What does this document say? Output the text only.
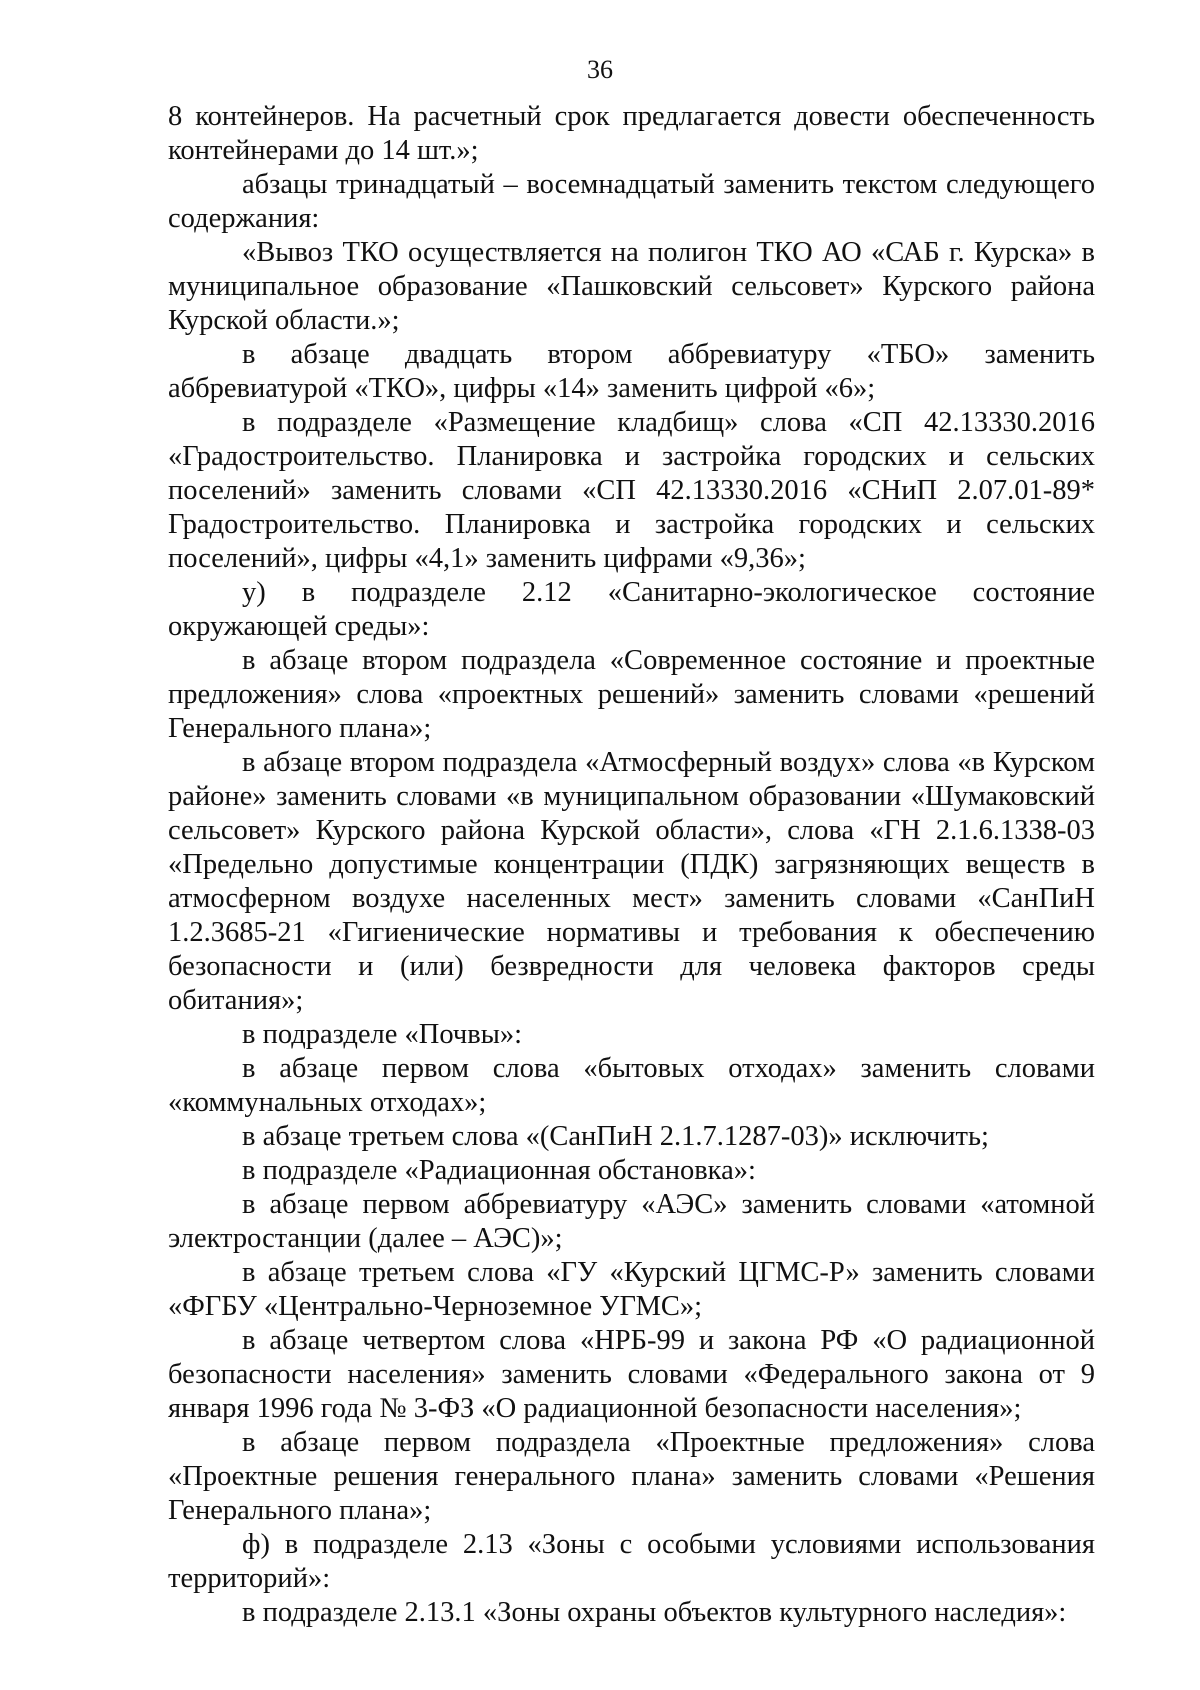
36

8 контейнеров. На расчетный срок предлагается довести обеспеченность контейнерами до 14 шт.»;

абзацы тринадцатый – восемнадцатый заменить текстом следующего содержания:

«Вывоз ТКО осуществляется на полигон ТКО АО «САБ г. Курска» в муниципальное образование «Пашковский сельсовет» Курского района Курской области.»;

в абзаце двадцать втором аббревиатуру «ТБО» заменить аббревиатурой «ТКО», цифры «14» заменить цифрой «6»;

в подразделе «Размещение кладбищ» слова «СП 42.13330.2016 «Градостроительство. Планировка и застройка городских и сельских поселений» заменить словами «СП 42.13330.2016 «СНиП 2.07.01-89* Градостроительство. Планировка и застройка городских и сельских поселений», цифры «4,1» заменить цифрами «9,36»;

у) в подразделе 2.12 «Санитарно-экологическое состояние окружающей среды»:

в абзаце втором подраздела «Современное состояние и проектные предложения» слова «проектных решений» заменить словами «решений Генерального плана»;

в абзаце втором подраздела «Атмосферный воздух» слова «в Курском районе» заменить словами «в муниципальном образовании «Шумаковский сельсовет» Курского района Курской области», слова «ГН 2.1.6.1338-03 «Предельно допустимые концентрации (ПДК) загрязняющих веществ в атмосферном воздухе населенных мест» заменить словами «СанПиН 1.2.3685-21 «Гигиенические нормативы и требования к обеспечению безопасности и (или) безвредности для человека факторов среды обитания»;

в подразделе «Почвы»:

в абзаце первом слова «бытовых отходах» заменить словами «коммунальных отходах»;

в абзаце третьем слова «(СанПиН 2.1.7.1287-03)» исключить;

в подразделе «Радиационная обстановка»:

в абзаце первом аббревиатуру «АЭС» заменить словами «атомной электростанции (далее – АЭС)»;

в абзаце третьем слова «ГУ «Курский ЦГМС-Р» заменить словами «ФГБУ «Центрально-Черноземное УГМС»;

в абзаце четвертом слова «НРБ-99 и закона РФ «О радиационной безопасности населения» заменить словами «Федерального закона от 9 января 1996 года № 3-ФЗ «О радиационной безопасности населения»;

в абзаце первом подраздела «Проектные предложения» слова «Проектные решения генерального плана» заменить словами «Решения Генерального плана»;

ф) в подразделе 2.13 «Зоны с особыми условиями использования территорий»:

в подразделе 2.13.1 «Зоны охраны объектов культурного наследия»:
